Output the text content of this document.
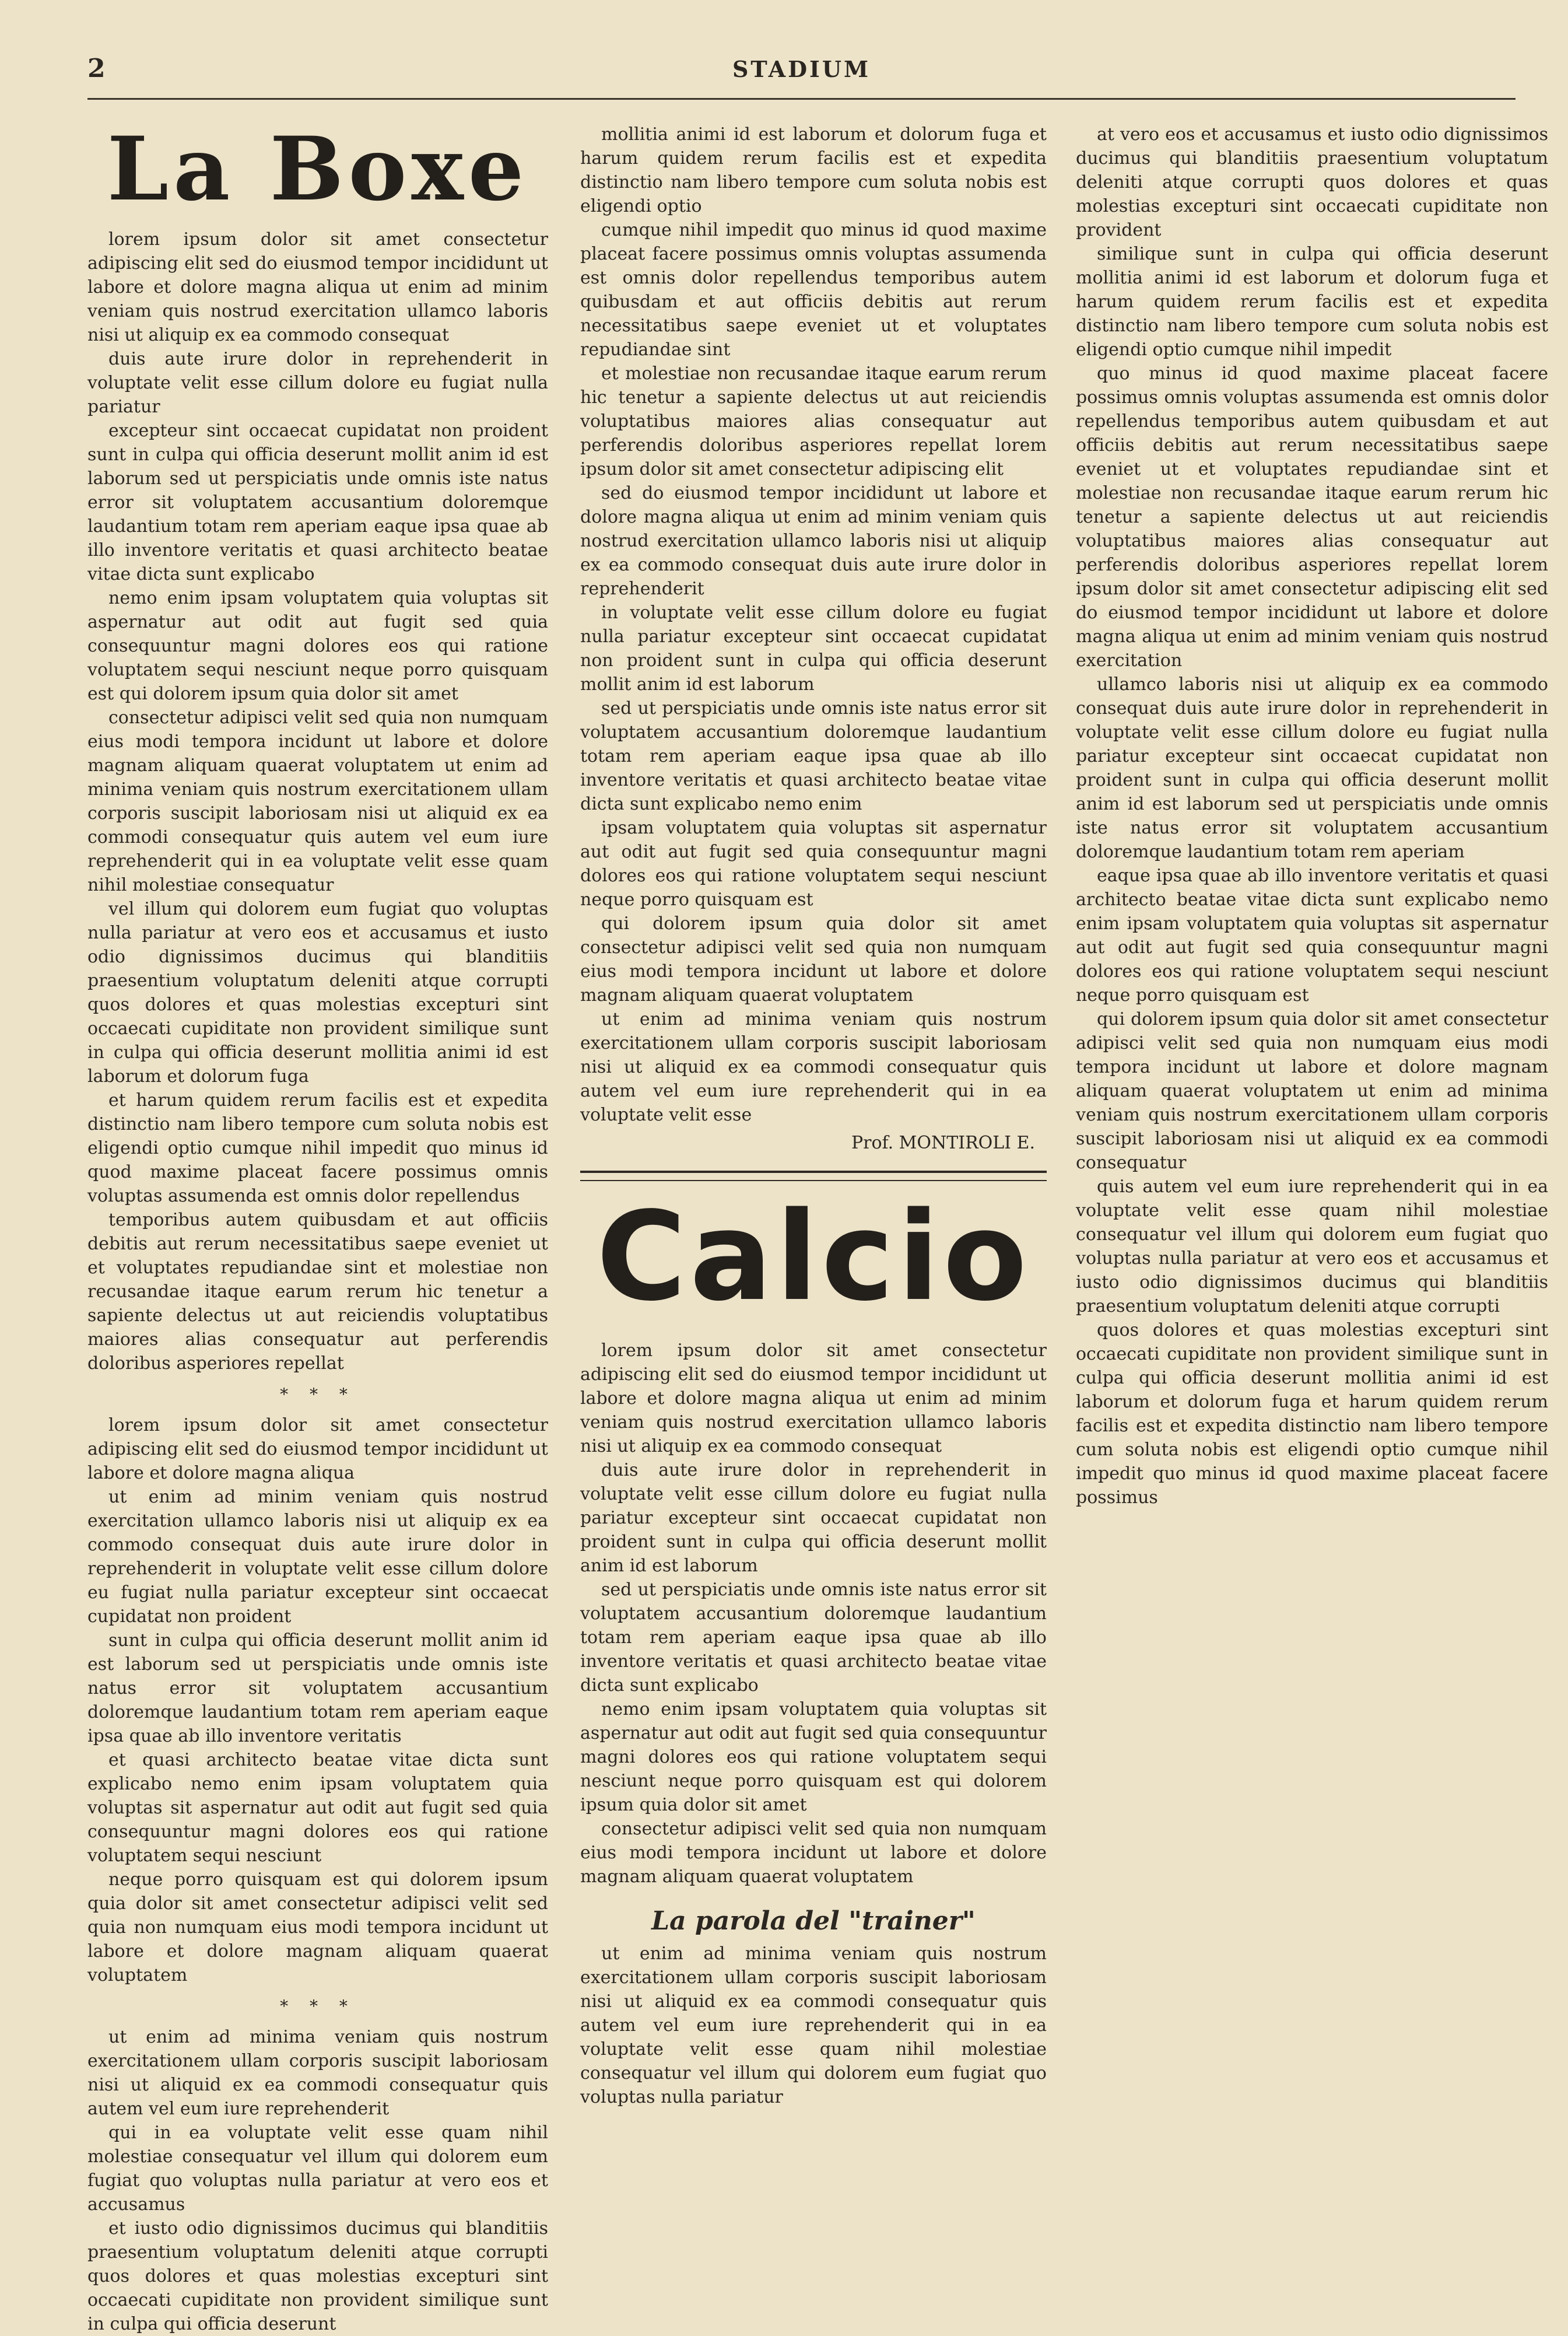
2	STADIUM
La Boxe

lorem ipsum dolor sit amet consectetur adipiscing elit sed do eiusmod tempor incididunt ut labore et dolore magna aliqua ut enim ad minim veniam quis nostrud exercitation ullamco laboris nisi ut aliquip ex ea commodo consequat

duis aute irure dolor in reprehenderit in voluptate velit esse cillum dolore eu fugiat nulla pariatur

excepteur sint occaecat cupidatat non proident sunt in culpa qui officia deserunt mollit anim id est laborum sed ut perspiciatis unde omnis iste natus error sit voluptatem accusantium doloremque laudantium totam rem aperiam eaque ipsa quae ab illo inventore veritatis et quasi architecto beatae vitae dicta sunt explicabo

nemo enim ipsam voluptatem quia voluptas sit aspernatur aut odit aut fugit sed quia consequuntur magni dolores eos qui ratione voluptatem sequi nesciunt neque porro quisquam est qui dolorem ipsum quia dolor sit amet

consectetur adipisci velit sed quia non numquam eius modi tempora incidunt ut labore et dolore magnam aliquam quaerat voluptatem ut enim ad minima veniam quis nostrum exercitationem ullam corporis suscipit laboriosam nisi ut aliquid ex ea commodi consequatur quis autem vel eum iure reprehenderit qui in ea voluptate velit esse quam nihil molestiae consequatur

vel illum qui dolorem eum fugiat quo voluptas nulla pariatur at vero eos et accusamus et iusto odio dignissimos ducimus qui blanditiis praesentium voluptatum deleniti atque corrupti quos dolores et quas molestias excepturi sint occaecati cupiditate non provident similique sunt in culpa qui officia deserunt mollitia animi id est laborum et dolorum fuga

et harum quidem rerum facilis est et expedita distinctio nam libero tempore cum soluta nobis est eligendi optio cumque nihil impedit quo minus id quod maxime placeat facere possimus omnis voluptas assumenda est omnis dolor repellendus

temporibus autem quibusdam et aut officiis debitis aut rerum necessitatibus saepe eveniet ut et voluptates repudiandae sint et molestiae non recusandae itaque earum rerum hic tenetur a sapiente delectus ut aut reiciendis voluptatibus maiores alias consequatur aut perferendis doloribus asperiores repellat

* * *

lorem ipsum dolor sit amet consectetur adipiscing elit sed do eiusmod tempor incididunt ut labore et dolore magna aliqua

ut enim ad minim veniam quis nostrud exercitation ullamco laboris nisi ut aliquip ex ea commodo consequat duis aute irure dolor in reprehenderit in voluptate velit esse cillum dolore eu fugiat nulla pariatur excepteur sint occaecat cupidatat non proident

sunt in culpa qui officia deserunt mollit anim id est laborum sed ut perspiciatis unde omnis iste natus error sit voluptatem accusantium doloremque laudantium totam rem aperiam eaque ipsa quae ab illo inventore veritatis

et quasi architecto beatae vitae dicta sunt explicabo nemo enim ipsam voluptatem quia voluptas sit aspernatur aut odit aut fugit sed quia consequuntur magni dolores eos qui ratione voluptatem sequi nesciunt

neque porro quisquam est qui dolorem ipsum quia dolor sit amet consectetur adipisci velit sed quia non numquam eius modi tempora incidunt ut labore et dolore magnam aliquam quaerat voluptatem

* * *

ut enim ad minima veniam quis nostrum exercitationem ullam corporis suscipit laboriosam nisi ut aliquid ex ea commodi consequatur quis autem vel eum iure reprehenderit

qui in ea voluptate velit esse quam nihil molestiae consequatur vel illum qui dolorem eum fugiat quo voluptas nulla pariatur at vero eos et accusamus

et iusto odio dignissimos ducimus qui blanditiis praesentium voluptatum deleniti atque corrupti quos dolores et quas molestias excepturi sint occaecati cupiditate non provident similique sunt in culpa qui officia deserunt

mollitia animi id est laborum et dolorum fuga et harum quidem rerum facilis est et expedita distinctio nam libero tempore cum soluta nobis est eligendi optio

cumque nihil impedit quo minus id quod maxime placeat facere possimus omnis voluptas assumenda est omnis dolor repellendus temporibus autem quibusdam et aut officiis debitis aut rerum necessitatibus saepe eveniet ut et voluptates repudiandae sint

et molestiae non recusandae itaque earum rerum hic tenetur a sapiente delectus ut aut reiciendis voluptatibus maiores alias consequatur aut perferendis doloribus asperiores repellat lorem ipsum dolor sit amet consectetur adipiscing elit

sed do eiusmod tempor incididunt ut labore et dolore magna aliqua ut enim ad minim veniam quis nostrud exercitation ullamco laboris nisi ut aliquip ex ea commodo consequat duis aute irure dolor in reprehenderit

in voluptate velit esse cillum dolore eu fugiat nulla pariatur excepteur sint occaecat cupidatat non proident sunt in culpa qui officia deserunt mollit anim id est laborum

sed ut perspiciatis unde omnis iste natus error sit voluptatem accusantium doloremque laudantium totam rem aperiam eaque ipsa quae ab illo inventore veritatis et quasi architecto beatae vitae dicta sunt explicabo nemo enim

ipsam voluptatem quia voluptas sit aspernatur aut odit aut fugit sed quia consequuntur magni dolores eos qui ratione voluptatem sequi nesciunt neque porro quisquam est

qui dolorem ipsum quia dolor sit amet consectetur adipisci velit sed quia non numquam eius modi tempora incidunt ut labore et dolore magnam aliquam quaerat voluptatem

ut enim ad minima veniam quis nostrum exercitationem ullam corporis suscipit laboriosam nisi ut aliquid ex ea commodi consequatur quis autem vel eum iure reprehenderit qui in ea voluptate velit esse

Prof. MONTIROLI E.
Calcio

lorem ipsum dolor sit amet consectetur adipiscing elit sed do eiusmod tempor incididunt ut labore et dolore magna aliqua ut enim ad minim veniam quis nostrud exercitation ullamco laboris nisi ut aliquip ex ea commodo consequat

duis aute irure dolor in reprehenderit in voluptate velit esse cillum dolore eu fugiat nulla pariatur excepteur sint occaecat cupidatat non proident sunt in culpa qui officia deserunt mollit anim id est laborum

sed ut perspiciatis unde omnis iste natus error sit voluptatem accusantium doloremque laudantium totam rem aperiam eaque ipsa quae ab illo inventore veritatis et quasi architecto beatae vitae dicta sunt explicabo

nemo enim ipsam voluptatem quia voluptas sit aspernatur aut odit aut fugit sed quia consequuntur magni dolores eos qui ratione voluptatem sequi nesciunt neque porro quisquam est qui dolorem ipsum quia dolor sit amet

consectetur adipisci velit sed quia non numquam eius modi tempora incidunt ut labore et dolore magnam aliquam quaerat voluptatem

La parola del "trainer"

ut enim ad minima veniam quis nostrum exercitationem ullam corporis suscipit laboriosam nisi ut aliquid ex ea commodi consequatur quis autem vel eum iure reprehenderit qui in ea voluptate velit esse quam nihil molestiae consequatur vel illum qui dolorem eum fugiat quo voluptas nulla pariatur

at vero eos et accusamus et iusto odio dignissimos ducimus qui blanditiis praesentium voluptatum deleniti atque corrupti quos dolores et quas molestias excepturi sint occaecati cupiditate non provident

similique sunt in culpa qui officia deserunt mollitia animi id est laborum et dolorum fuga et harum quidem rerum facilis est et expedita distinctio nam libero tempore cum soluta nobis est eligendi optio cumque nihil impedit

quo minus id quod maxime placeat facere possimus omnis voluptas assumenda est omnis dolor repellendus temporibus autem quibusdam et aut officiis debitis aut rerum necessitatibus saepe eveniet ut et voluptates repudiandae sint et molestiae non recusandae itaque earum rerum hic tenetur a sapiente delectus ut aut reiciendis voluptatibus maiores alias consequatur aut perferendis doloribus asperiores repellat lorem ipsum dolor sit amet consectetur adipiscing elit sed do eiusmod tempor incididunt ut labore et dolore magna aliqua ut enim ad minim veniam quis nostrud exercitation

ullamco laboris nisi ut aliquip ex ea commodo consequat duis aute irure dolor in reprehenderit in voluptate velit esse cillum dolore eu fugiat nulla pariatur excepteur sint occaecat cupidatat non proident sunt in culpa qui officia deserunt mollit anim id est laborum sed ut perspiciatis unde omnis iste natus error sit voluptatem accusantium doloremque laudantium totam rem aperiam

eaque ipsa quae ab illo inventore veritatis et quasi architecto beatae vitae dicta sunt explicabo nemo enim ipsam voluptatem quia voluptas sit aspernatur aut odit aut fugit sed quia consequuntur magni dolores eos qui ratione voluptatem sequi nesciunt neque porro quisquam est

qui dolorem ipsum quia dolor sit amet consectetur adipisci velit sed quia non numquam eius modi tempora incidunt ut labore et dolore magnam aliquam quaerat voluptatem ut enim ad minima veniam quis nostrum exercitationem ullam corporis suscipit laboriosam nisi ut aliquid ex ea commodi consequatur

quis autem vel eum iure reprehenderit qui in ea voluptate velit esse quam nihil molestiae consequatur vel illum qui dolorem eum fugiat quo voluptas nulla pariatur at vero eos et accusamus et iusto odio dignissimos ducimus qui blanditiis praesentium voluptatum deleniti atque corrupti

quos dolores et quas molestias excepturi sint occaecati cupiditate non provident similique sunt in culpa qui officia deserunt mollitia animi id est laborum et dolorum fuga et harum quidem rerum facilis est et expedita distinctio nam libero tempore cum soluta nobis est eligendi optio cumque nihil impedit quo minus id quod maxime placeat facere possimus
